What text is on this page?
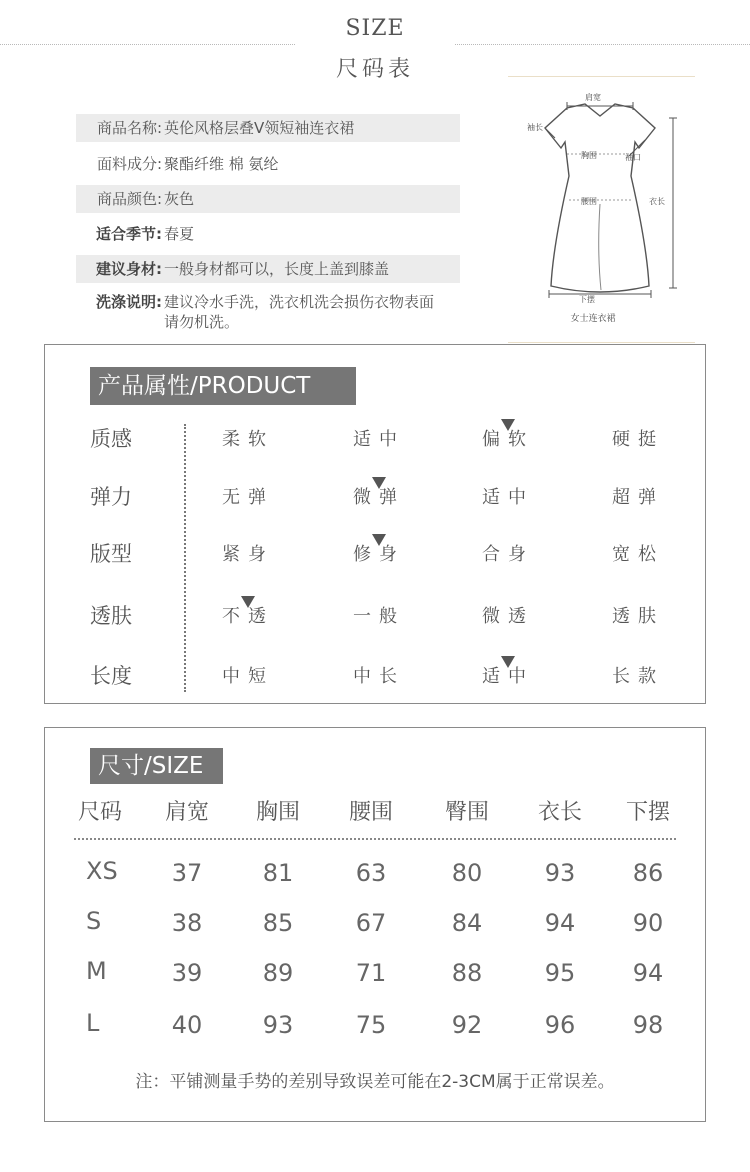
SIZE
尺码表
商品名称: 英伦风格层叠V领短袖连衣裙
面料成分: 聚酯纤维 棉 氨纶
商品颜色: 灰色
适合季节: 春夏
建议身材: 一般身材都可以，长度上盖到膝盖
洗涤说明: 建议冷水手洗，洗衣机洗会损伤衣物表面
请勿机洗。
肩宽
袖长
胸围	袖口
腰围	衣长
下摆
女士连衣裙
产品属性/PRODUCT
质感	柔软	适中	偏软	硬挺
弹力	无弹	微弹	适中	超弹
版型	紧身	修身	合身	宽松
透肤	不透	一般	微透	透肤
长度	中短	中长	适中	长款
尺寸/SIZE
尺码	肩宽	胸围	腰围	臀围	衣长	下摆
XS	37	81	63	80	93	86
S	38	85	67	84	94	90
M	39	89	71	88	95	94
L	40	93	75	92	96	98
注：平铺测量手势的差别导致误差可能在2-3CM属于正常误差。
